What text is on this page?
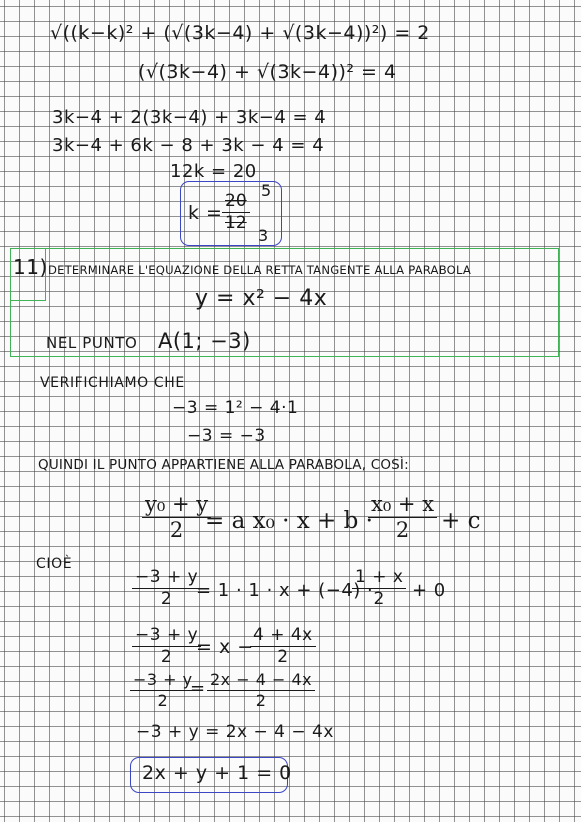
√((k−k)² + (√(3k−4) + √(3k−4))²) = 2
(√(3k−4) + √(3k−4))² = 4
3k−4 + 2(3k−4) + 3k−4 = 4
3k−4 + 6k − 8 + 3k − 4 = 4
12k = 20
k =
20
12
5
3
11) DETERMINARE L'EQUAZIONE DELLA RETTA TANGENTE ALLA PARABOLA
y = x² − 4x
NEL PUNTO A(1; −3)
VERIFICHIAMO CHE
−3 = 1² − 4·1
−3 = −3
QUINDI IL PUNTO APPARTIENE ALLA PARABOLA, COSÌ:
y₀ + y
2 = a x₀ · x + b ·
x₀ + x
2 + c
CIOÈ
−3 + y
2 = 1 · 1 · x + (−4) ·
1 + x
2 + 0
−3 + y
2 = x −
4 + 4x
2
−3 + y
2
= 2x − 4 − 4x
2
−3 + y = 2x − 4 − 4x
2x + y + 1 = 0
